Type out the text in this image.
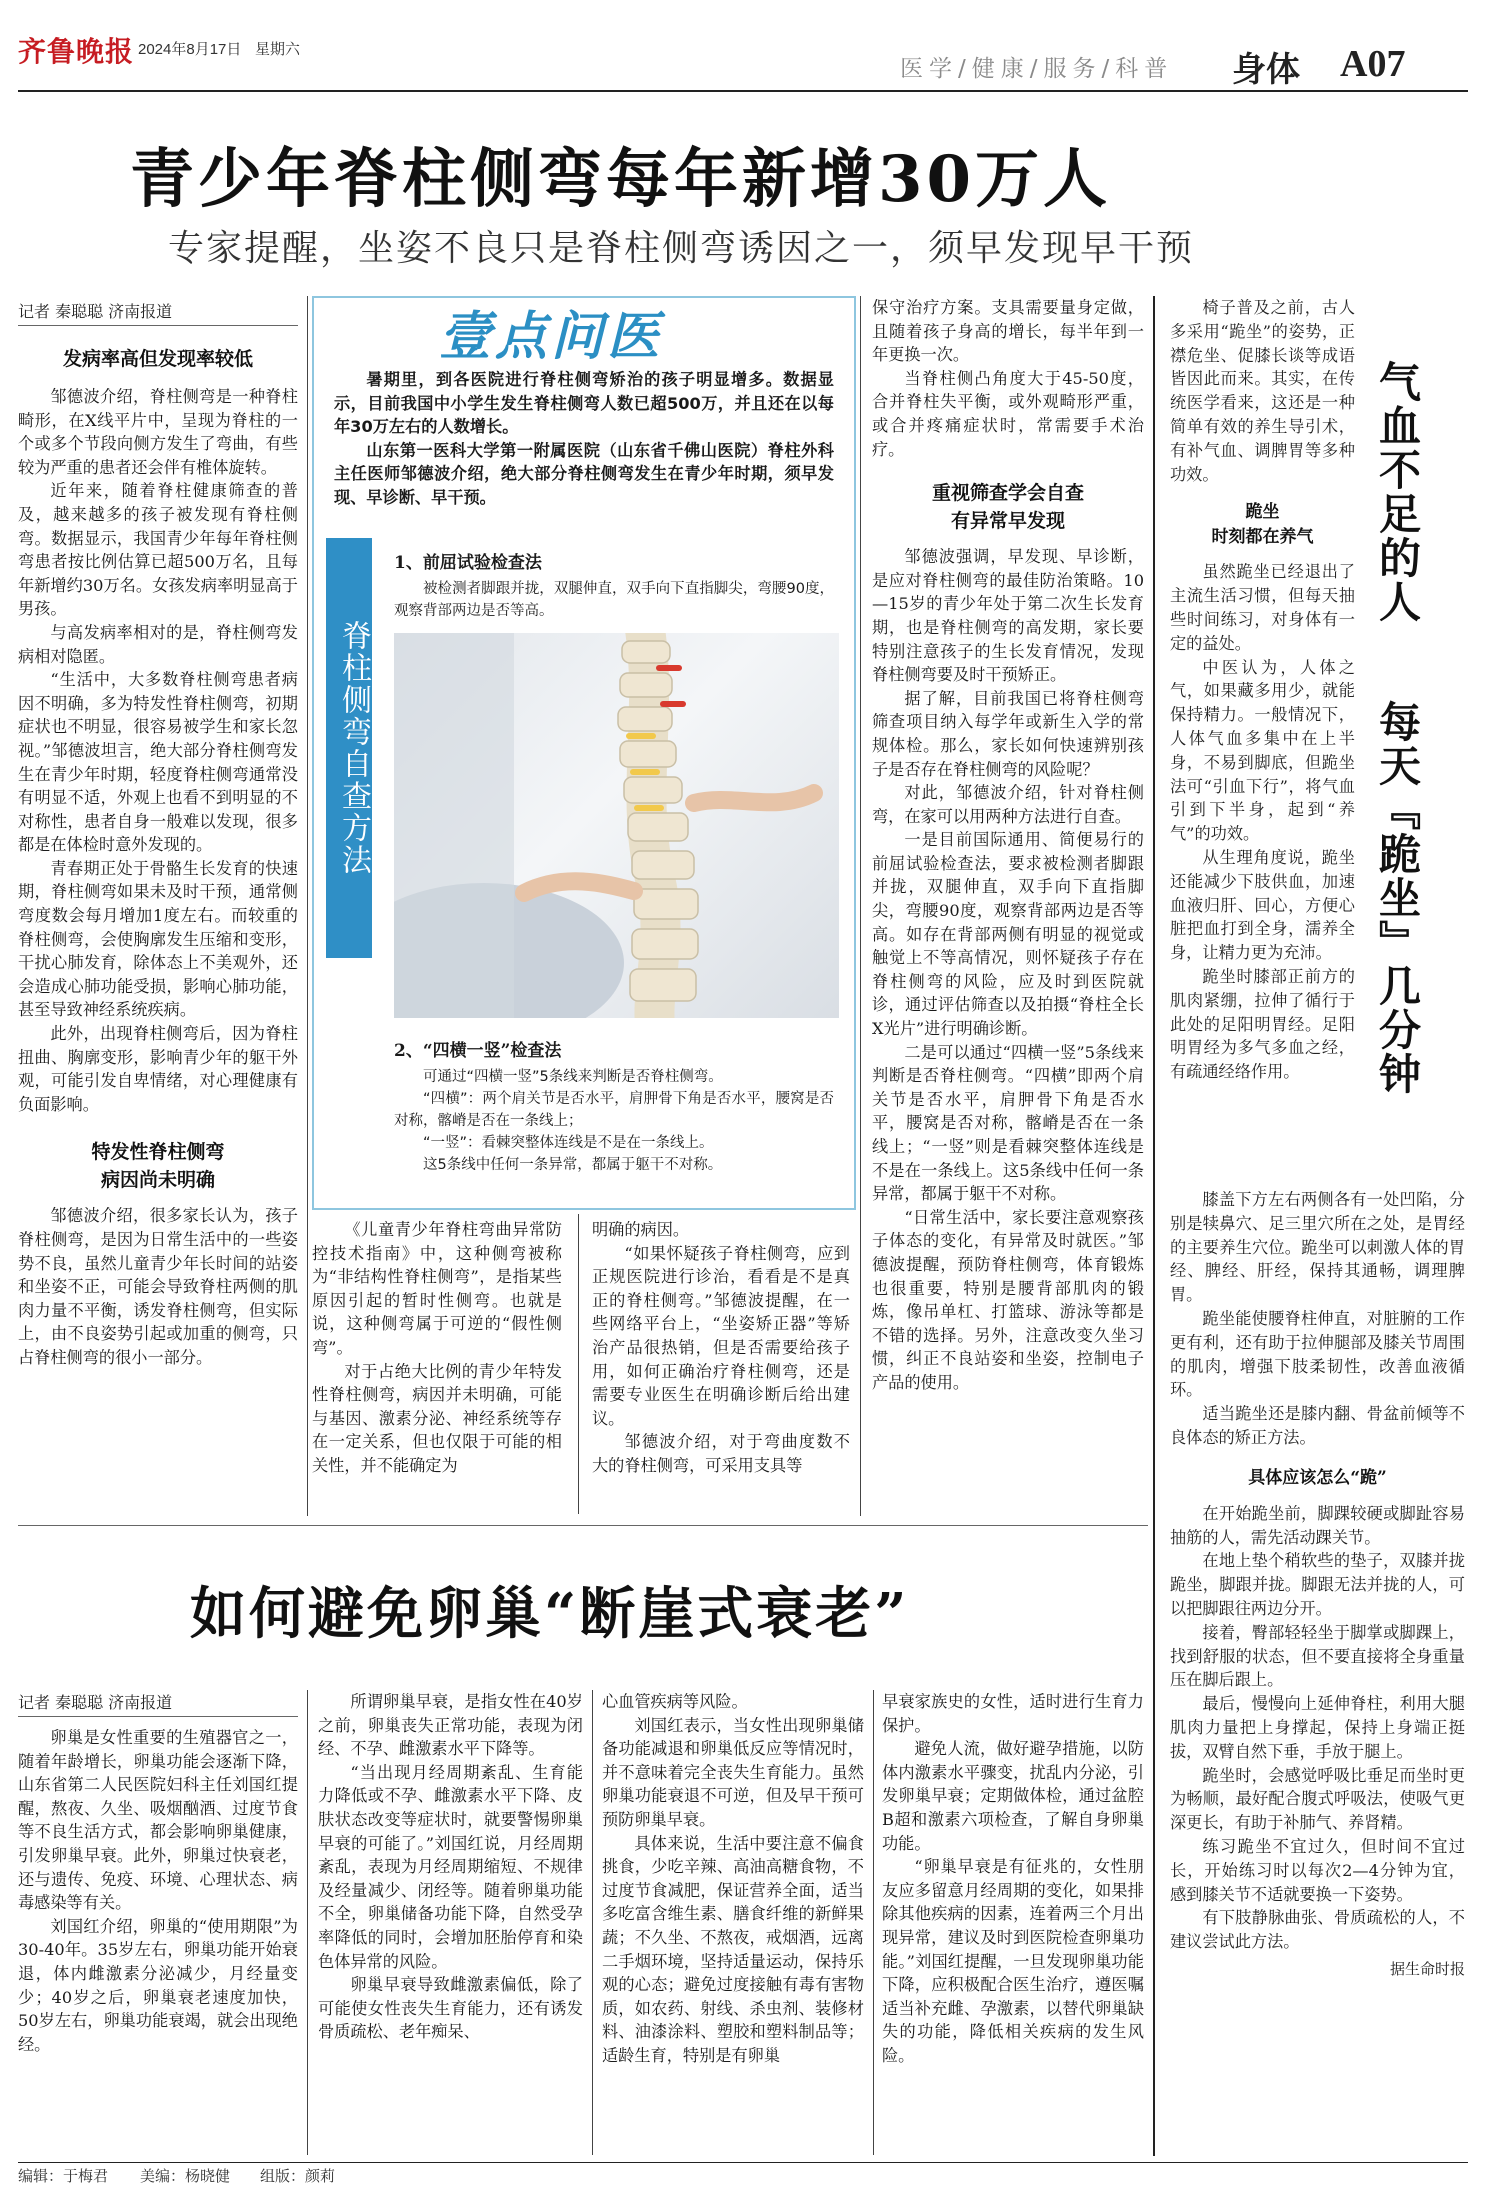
齐鲁晚报 2024年8月17日 星期六
医学/健康/服务/科普 身体 A07
青少年脊柱侧弯每年新增30万人
专家提醒，坐姿不良只是脊柱侧弯诱因之一，须早发现早干预
记者 秦聪聪 济南报道
发病率高但发现率较低

邹德波介绍，脊柱侧弯是一种脊柱畸形，在X线平片中，呈现为脊柱的一个或多个节段向侧方发生了弯曲，有些较为严重的患者还会伴有椎体旋转。

近年来，随着脊柱健康筛查的普及，越来越多的孩子被发现有脊柱侧弯。数据显示，我国青少年每年脊柱侧弯患者按比例估算已超500万名，且每年新增约30万名。女孩发病率明显高于男孩。

与高发病率相对的是，脊柱侧弯发病相对隐匿。

“生活中，大多数脊柱侧弯患者病因不明确，多为特发性脊柱侧弯，初期症状也不明显，很容易被学生和家长忽视。”邹德波坦言，绝大部分脊柱侧弯发生在青少年时期，轻度脊柱侧弯通常没有明显不适，外观上也看不到明显的不对称性，患者自身一般难以发现，很多都是在体检时意外发现的。

青春期正处于骨骼生长发育的快速期，脊柱侧弯如果未及时干预，通常侧弯度数会每月增加1度左右。而较重的脊柱侧弯，会使胸廓发生压缩和变形，干扰心肺发育，除体态上不美观外，还会造成心肺功能受损，影响心肺功能，甚至导致神经系统疾病。

此外，出现脊柱侧弯后，因为脊柱扭曲、胸廓变形，影响青少年的躯干外观，可能引发自卑情绪，对心理健康有负面影响。

特发性脊柱侧弯
病因尚未明确

邹德波介绍，很多家长认为，孩子脊柱侧弯，是因为日常生活中的一些姿势不良，虽然儿童青少年长时间的站姿和坐姿不正，可能会导致脊柱两侧的肌肉力量不平衡，诱发脊柱侧弯，但实际上，由不良姿势引起或加重的侧弯，只占脊柱侧弯的很小一部分。

壹点问医

暑期里，到各医院进行脊柱侧弯矫治的孩子明显增多。数据显示，目前我国中小学生发生脊柱侧弯人数已超500万，并且还在以每年30万左右的人数增长。

山东第一医科大学第一附属医院（山东省千佛山医院）脊柱外科主任医师邹德波介绍，绝大部分脊柱侧弯发生在青少年时期，须早发现、早诊断、早干预。

脊柱侧弯自查方法
1、前屈试验检查法

被检测者脚跟并拢，双腿伸直，双手向下直指脚尖，弯腰90度，观察背部两边是否等高。

2、“四横一竖”检查法

可通过“四横一竖”5条线来判断是否脊柱侧弯。

“四横”：两个肩关节是否水平，肩胛骨下角是否水平，腰窝是否对称，髂嵴是否在一条线上；

“一竖”：看棘突整体连线是不是在一条线上。

这5条线中任何一条异常，都属于躯干不对称。

《儿童青少年脊柱弯曲异常防控技术指南》中，这种侧弯被称为“非结构性脊柱侧弯”，是指某些原因引起的暂时性侧弯。也就是说，这种侧弯属于可逆的“假性侧弯”。

对于占绝大比例的青少年特发性脊柱侧弯，病因并未明确，可能与基因、激素分泌、神经系统等存在一定关系，但也仅限于可能的相关性，并不能确定为

明确的病因。

“如果怀疑孩子脊柱侧弯，应到正规医院进行诊治，看看是不是真正的脊柱侧弯。”邹德波提醒，在一些网络平台上，“坐姿矫正器”等矫治产品很热销，但是否需要给孩子用，如何正确治疗脊柱侧弯，还是需要专业医生在明确诊断后给出建议。

邹德波介绍，对于弯曲度数不大的脊柱侧弯，可采用支具等

保守治疗方案。支具需要量身定做，且随着孩子身高的增长，每半年到一年更换一次。

当脊柱侧凸角度大于45-50度，合并脊柱失平衡，或外观畸形严重，或合并疼痛症状时，常需要手术治疗。

重视筛查学会自查
有异常早发现

邹德波强调，早发现、早诊断，是应对脊柱侧弯的最佳防治策略。10—15岁的青少年处于第二次生长发育期，也是脊柱侧弯的高发期，家长要特别注意孩子的生长发育情况，发现脊柱侧弯要及时干预矫正。

据了解，目前我国已将脊柱侧弯筛查项目纳入每学年或新生入学的常规体检。那么，家长如何快速辨别孩子是否存在脊柱侧弯的风险呢？

对此，邹德波介绍，针对脊柱侧弯，在家可以用两种方法进行自查。

一是目前国际通用、简便易行的前屈试验检查法，要求被检测者脚跟并拢，双腿伸直，双手向下直指脚尖，弯腰90度，观察背部两边是否等高。如存在背部两侧有明显的视觉或触觉上不等高情况，则怀疑孩子存在脊柱侧弯的风险，应及时到医院就诊，通过评估筛查以及拍摄“脊柱全长X光片”进行明确诊断。

二是可以通过“四横一竖”5条线来判断是否脊柱侧弯。“四横”即两个肩关节是否水平，肩胛骨下角是否水平，腰窝是否对称，髂嵴是否在一条线上；“一竖”则是看棘突整体连线是不是在一条线上。这5条线中任何一条异常，都属于躯干不对称。

“日常生活中，家长要注意观察孩子体态的变化，有异常及时就医。”邹德波提醒，预防脊柱侧弯，体育锻炼也很重要，特别是腰背部肌肉的锻炼，像吊单杠、打篮球、游泳等都是不错的选择。另外，注意改变久坐习惯，纠正不良站姿和坐姿，控制电子产品的使用。

气血不足的人
每天『跪坐』几分钟

椅子普及之前，古人多采用“跪坐”的姿势，正襟危坐、促膝长谈等成语皆因此而来。其实，在传统医学看来，这还是一种简单有效的养生导引术，有补气血、调脾胃等多种功效。

跪坐
时刻都在养气

虽然跪坐已经退出了主流生活习惯，但每天抽些时间练习，对身体有一定的益处。

中医认为，人体之气，如果藏多用少，就能保持精力。一般情况下，人体气血多集中在上半身，不易到脚底，但跪坐法可“引血下行”，将气血引到下半身，起到“养气”的功效。

从生理角度说，跪坐还能减少下肢供血，加速血液归肝、回心，方便心脏把血打到全身，濡养全身，让精力更为充沛。

跪坐时膝部正前方的肌肉紧绷，拉伸了循行于此处的足阳明胃经。足阳明胃经为多气多血之经，有疏通经络作用。

膝盖下方左右两侧各有一处凹陷，分别是犊鼻穴、足三里穴所在之处，是胃经的主要养生穴位。跪坐可以刺激人体的胃经、脾经、肝经，保持其通畅，调理脾胃。

跪坐能使腰脊柱伸直，对脏腑的工作更有利，还有助于拉伸腿部及膝关节周围的肌肉，增强下肢柔韧性，改善血液循环。

适当跪坐还是膝内翻、骨盆前倾等不良体态的矫正方法。

具体应该怎么“跪”

在开始跪坐前，脚踝较硬或脚趾容易抽筋的人，需先活动踝关节。

在地上垫个稍软些的垫子，双膝并拢跪坐，脚跟并拢。脚跟无法并拢的人，可以把脚跟往两边分开。

接着，臀部轻轻坐于脚掌或脚踝上，找到舒服的状态，但不要直接将全身重量压在脚后跟上。

最后，慢慢向上延伸脊柱，利用大腿肌肉力量把上身撑起，保持上身端正挺拔，双臂自然下垂，手放于腿上。

跪坐时，会感觉呼吸比垂足而坐时更为畅顺，最好配合腹式呼吸法，使吸气更深更长，有助于补肺气、养肾精。

练习跪坐不宜过久，但时间不宜过长，开始练习时以每次2—4分钟为宜，感到膝关节不适就要换一下姿势。

有下肢静脉曲张、骨质疏松的人，不建议尝试此方法。

据生命时报
如何避免卵巢“断崖式衰老”
记者 秦聪聪 济南报道

卵巢是女性重要的生殖器官之一，随着年龄增长，卵巢功能会逐渐下降，山东省第二人民医院妇科主任刘国红提醒，熬夜、久坐、吸烟酗酒、过度节食等不良生活方式，都会影响卵巢健康，引发卵巢早衰。此外，卵巢过快衰老，还与遗传、免疫、环境、心理状态、病毒感染等有关。

刘国红介绍，卵巢的“使用期限”为30-40年。35岁左右，卵巢功能开始衰退，体内雌激素分泌减少，月经量变少；40岁之后，卵巢衰老速度加快，50岁左右，卵巢功能衰竭，就会出现绝经。

所谓卵巢早衰，是指女性在40岁之前，卵巢丧失正常功能，表现为闭经、不孕、雌激素水平下降等。

“当出现月经周期紊乱、生育能力降低或不孕、雌激素水平下降、皮肤状态改变等症状时，就要警惕卵巢早衰的可能了。”刘国红说，月经周期紊乱，表现为月经周期缩短、不规律及经量减少、闭经等。随着卵巢功能不全，卵巢储备功能下降，自然受孕率降低的同时，会增加胚胎停育和染色体异常的风险。

卵巢早衰导致雌激素偏低，除了可能使女性丧失生育能力，还有诱发骨质疏松、老年痴呆、

心血管疾病等风险。

刘国红表示，当女性出现卵巢储备功能减退和卵巢低反应等情况时，并不意味着完全丧失生育能力。虽然卵巢功能衰退不可逆，但及早干预可预防卵巢早衰。

具体来说，生活中要注意不偏食挑食，少吃辛辣、高油高糖食物，不过度节食减肥，保证营养全面，适当多吃富含维生素、膳食纤维的新鲜果蔬；不久坐、不熬夜，戒烟酒，远离二手烟环境，坚持适量运动，保持乐观的心态；避免过度接触有毒有害物质，如农药、射线、杀虫剂、装修材料、油漆涂料、塑胶和塑料制品等；适龄生育，特别是有卵巢

早衰家族史的女性，适时进行生育力保护。

避免人流，做好避孕措施，以防体内激素水平骤变，扰乱内分泌，引发卵巢早衰；定期做体检，通过盆腔B超和激素六项检查，了解自身卵巢功能。

“卵巢早衰是有征兆的，女性朋友应多留意月经周期的变化，如果排除其他疾病的因素，连着两三个月出现异常，建议及时到医院检查卵巢功能。”刘国红提醒，一旦发现卵巢功能下降，应积极配合医生治疗，遵医嘱适当补充雌、孕激素，以替代卵巢缺失的功能，降低相关疾病的发生风险。

编辑：于梅君 美编：杨晓健 组版：颜莉
